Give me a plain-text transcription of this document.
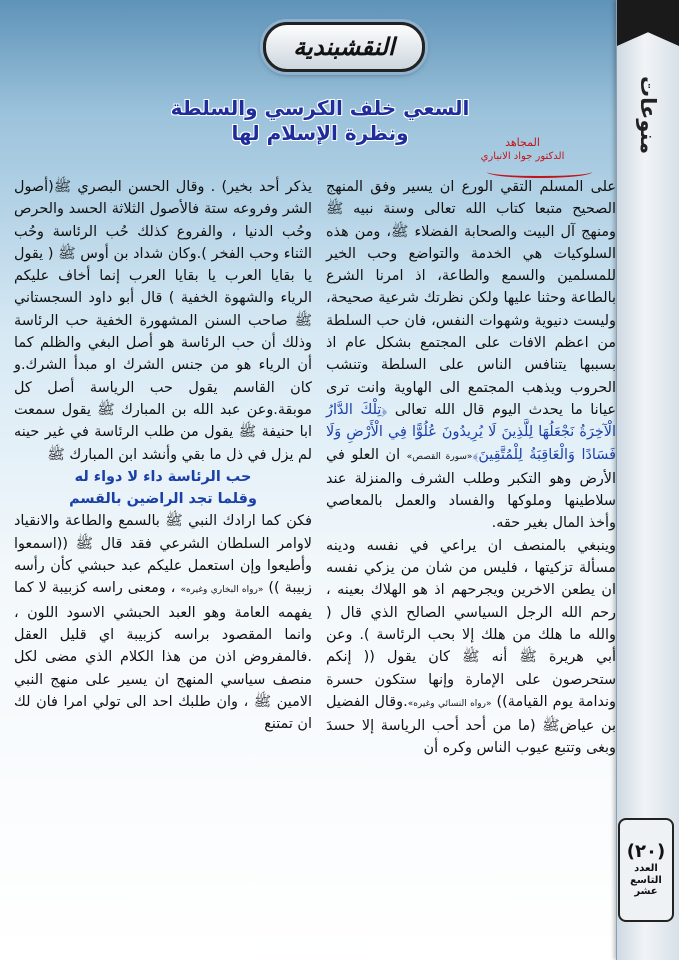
منوعات
(٢٠)
العدد
التاسع عشر
النقشبندية
السعي خلف الكرسي والسلطة
ونظرة الإسلام لها	المجاهد
الدكتور جواد الانباري

على المسلم التقي الورع ان يسير وفق المنهج الصحيح متبعا كتاب الله تعالى وسنة نبيه ﷺ ومنهج آل البيت والصحابة الفضلاء ﷺ، ومن هذه السلوكيات هي الخدمة والتواضع وحب الخير للمسلمين والسمع والطاعة، اذ امرنا الشرع بالطاعة وحثنا عليها ولكن نظرتك شرعية صحيحة، وليست دنيوية وشهوات النفس، فان حب السلطة من اعظم الافات على المجتمع بشكل عام اذ بسببها يتنافس الناس على السلطة وتنشب الحروب ويذهب المجتمع الى الهاوية وانت ترى عيانا ما يحدث اليوم قال الله تعالى ﴿تِلْكَ الدَّارُ الْآخِرَةُ نَجْعَلُهَا لِلَّذِينَ لَا يُرِيدُونَ عُلُوًّا فِي الْأَرْضِ وَلَا فَسَادًا وَالْعَاقِبَةُ لِلْمُتَّقِينَ﴾«سورة القصص» ان العلو في الأرض وهو التكبر وطلب الشرف والمنزلة عند سلاطينها وملوكها والفساد والعمل بالمعاصي وأخذ المال بغير حقه.

وينبغي بالمنصف ان يراعي في نفسه ودينه مسألة تزكيتها ، فليس من شان من يزكي نفسه ان يطعن الاخرين ويجرحهم اذ هو الهلاك بعينه ، رحم الله الرجل السياسي الصالح الذي قال ( والله ما هلك من هلك إلا بحب الرئاسة ). وعن أبي هريرة ﷺ أنه ﷺ كان يقول (( إنكم ستحرصون على الإمارة وإنها ستكون حسرة وندامة يوم القيامة)) «رواه النسائي وغيره».وقال الفضيل بن عياضﷺ (ما من أحد أحب الرياسة إلا حسدَ وبغى وتتبع عيوب الناس وكره أن

يذكر أحد بخير) . وقال الحسن البصري ﷺ(أصول الشر وفروعه ستة فالأصول الثلاثة الحسد والحرص وحُب الدنيا ، والفروع كذلك حُب الرئاسة وحُب الثناء وحب الفخر ).وكان شداد بن أوس ﷺ ( يقول يا بقايا العرب يا بقايا العرب إنما أخاف عليكم الرياء والشهوة الخفية ) قال أبو داود السجستاني ﷺ صاحب السنن المشهورة الخفية حب الرئاسة وذلك أن حب الرئاسة هو أصل البغي والظلم كما أن الرياء هو من جنس الشرك او مبدأ الشرك.و كان القاسم يقول حب الرياسة أصل كل موبقة.وعن عبد الله بن المبارك ﷺ يقول سمعت ابا حنيفة ﷺ يقول من طلب الرئاسة في غير حينه لم يزل في ذل ما بقي وأنشد ابن المبارك ﷺ

حب الرئاسة داء لا دواء له

وقلما تجد الراضين بالقسم

فكن كما ارادك النبي ﷺ بالسمع والطاعة والانقياد لاوامر السلطان الشرعي فقد قال ﷺ ((اسمعوا وأطيعوا وإن استعمل عليكم عبد حبشي كأن رأسه زبيبة )) «رواه البخاري وغيره» ، ومعنى راسه كزبيبة لا كما يفهمه العامة وهو العبد الحبشي الاسود اللون ، وانما المقصود براسه كزبيبة اي قليل العقل .فالمفروض اذن من هذا الكلام الذي مضى لكل منصف سياسي المنهج ان يسير على منهج النبي الامين ﷺ ، وان طلبك احد الى تولي امرا فان لك ان تمتنع
